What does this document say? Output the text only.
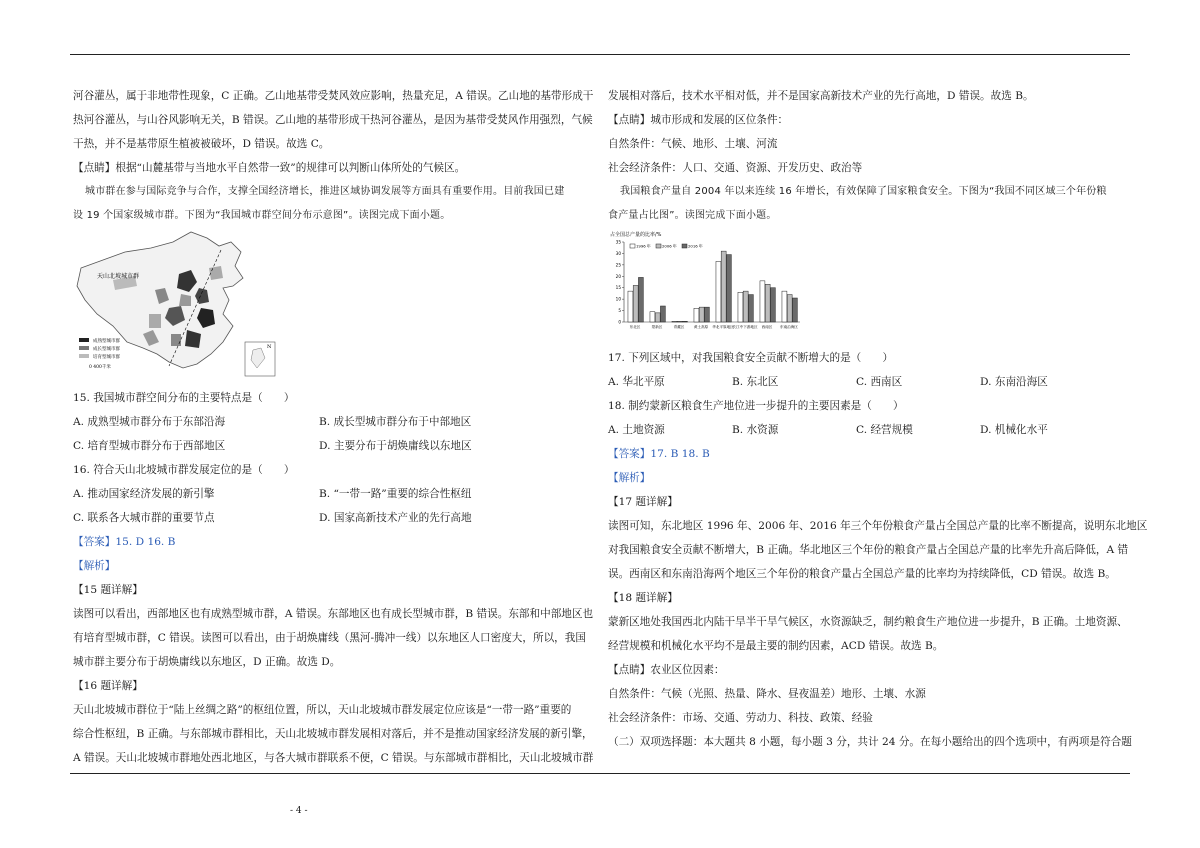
河谷灌丛，属于非地带性现象，C 正确。乙山地基带受焚风效应影响，热量充足，A 错误。乙山地的基带形成干

热河谷灌丛，与山谷风影响无关，B 错误。乙山地的基带形成干热河谷灌丛，是因为基带受焚风作用强烈，气候

干热，并不是基带原生植被被破坏，D 错误。故选 C。

【点睛】根据“山麓基带与当地水平自然带一致”的规律可以判断山体所处的气候区。

城市群在参与国际竞争与合作，支撑全国经济增长，推进区域协调发展等方面具有重要作用。目前我国已建

设 19 个国家级城市群。下图为“我国城市群空间分布示意图”。读图完成下面小题。

成熟型城市群
成长型城市群
培育型城市群
0 400千米
天山北坡城市群
N

15. 我国城市群空间分布的主要特点是（　　）

A. 成熟型城市群分布于东部沿海	B. 成长型城市群分布于中部地区
C. 培育型城市群分布于西部地区	D. 主要分布于胡焕庸线以东地区

16. 符合天山北坡城市群发展定位的是（　　）

A. 推动国家经济发展的新引擎	B. “一带一路”重要的综合性枢纽
C. 联系各大城市群的重要节点	D. 国家高新技术产业的先行高地

【答案】15. D 16. B

【解析】

【15 题详解】

读图可以看出，西部地区也有成熟型城市群，A 错误。东部地区也有成长型城市群，B 错误。东部和中部地区也

有培育型城市群，C 错误。读图可以看出，由于胡焕庸线（黑河-腾冲一线）以东地区人口密度大，所以，我国

城市群主要分布于胡焕庸线以东地区，D 正确。故选 D。

【16 题详解】

天山北坡城市群位于“陆上丝绸之路”的枢纽位置，所以，天山北坡城市群发展定位应该是“一带一路”重要的

综合性枢纽，B 正确。与东部城市群相比，天山北坡城市群发展相对落后，并不是推动国家经济发展的新引擎，

A 错误。天山北坡城市群地处西北地区，与各大城市群联系不便，C 错误。与东部城市群相比，天山北坡城市群

发展相对落后，技术水平相对低，并不是国家高新技术产业的先行高地，D 错误。故选 B。

【点睛】城市形成和发展的区位条件：

自然条件：气候、地形、土壤、河流

社会经济条件：人口、交通、资源、开发历史、政治等

我国粮食产量自 2004 年以来连续 16 年增长，有效保障了国家粮食安全。下图为“我国不同区域三个年份粮

食产量占比图”。读图完成下面小题。

占全国总产量的比率/%
0
5
10
15
20
25
30
35
东北区	蒙新区	青藏区	黄土高原 华北平原地区
长江中下游地区 西南区 东南沿海区
1996 年	2006 年	2016 年

17. 下列区域中，对我国粮食安全贡献不断增大的是（　　）

A. 华北平原	B. 东北区	C. 西南区	D. 东南沿海区

18. 制约蒙新区粮食生产地位进一步提升的主要因素是（　　）

A. 土地资源	B. 水资源	C. 经营规模	D. 机械化水平

【答案】17. B 18. B

【解析】

【17 题详解】

读图可知，东北地区 1996 年、2006 年、2016 年三个年份粮食产量占全国总产量的比率不断提高，说明东北地区

对我国粮食安全贡献不断增大，B 正确。华北地区三个年份的粮食产量占全国总产量的比率先升高后降低，A 错

误。西南区和东南沿海两个地区三个年份的粮食产量占全国总产量的比率均为持续降低，CD 错误。故选 B。

【18 题详解】

蒙新区地处我国西北内陆干旱半干旱气候区，水资源缺乏，制约粮食生产地位进一步提升，B 正确。土地资源、

经营规模和机械化水平均不是最主要的制约因素，ACD 错误。故选 B。

【点睛】农业区位因素：

自然条件：气候（光照、热量、降水、昼夜温差）地形、土壤、水源

社会经济条件：市场、交通、劳动力、科技、政策、经验

（二）双项选择题：本大题共 8 小题，每小题 3 分，共计 24 分。在每小题给出的四个选项中，有两项是符合题

- 4 -
